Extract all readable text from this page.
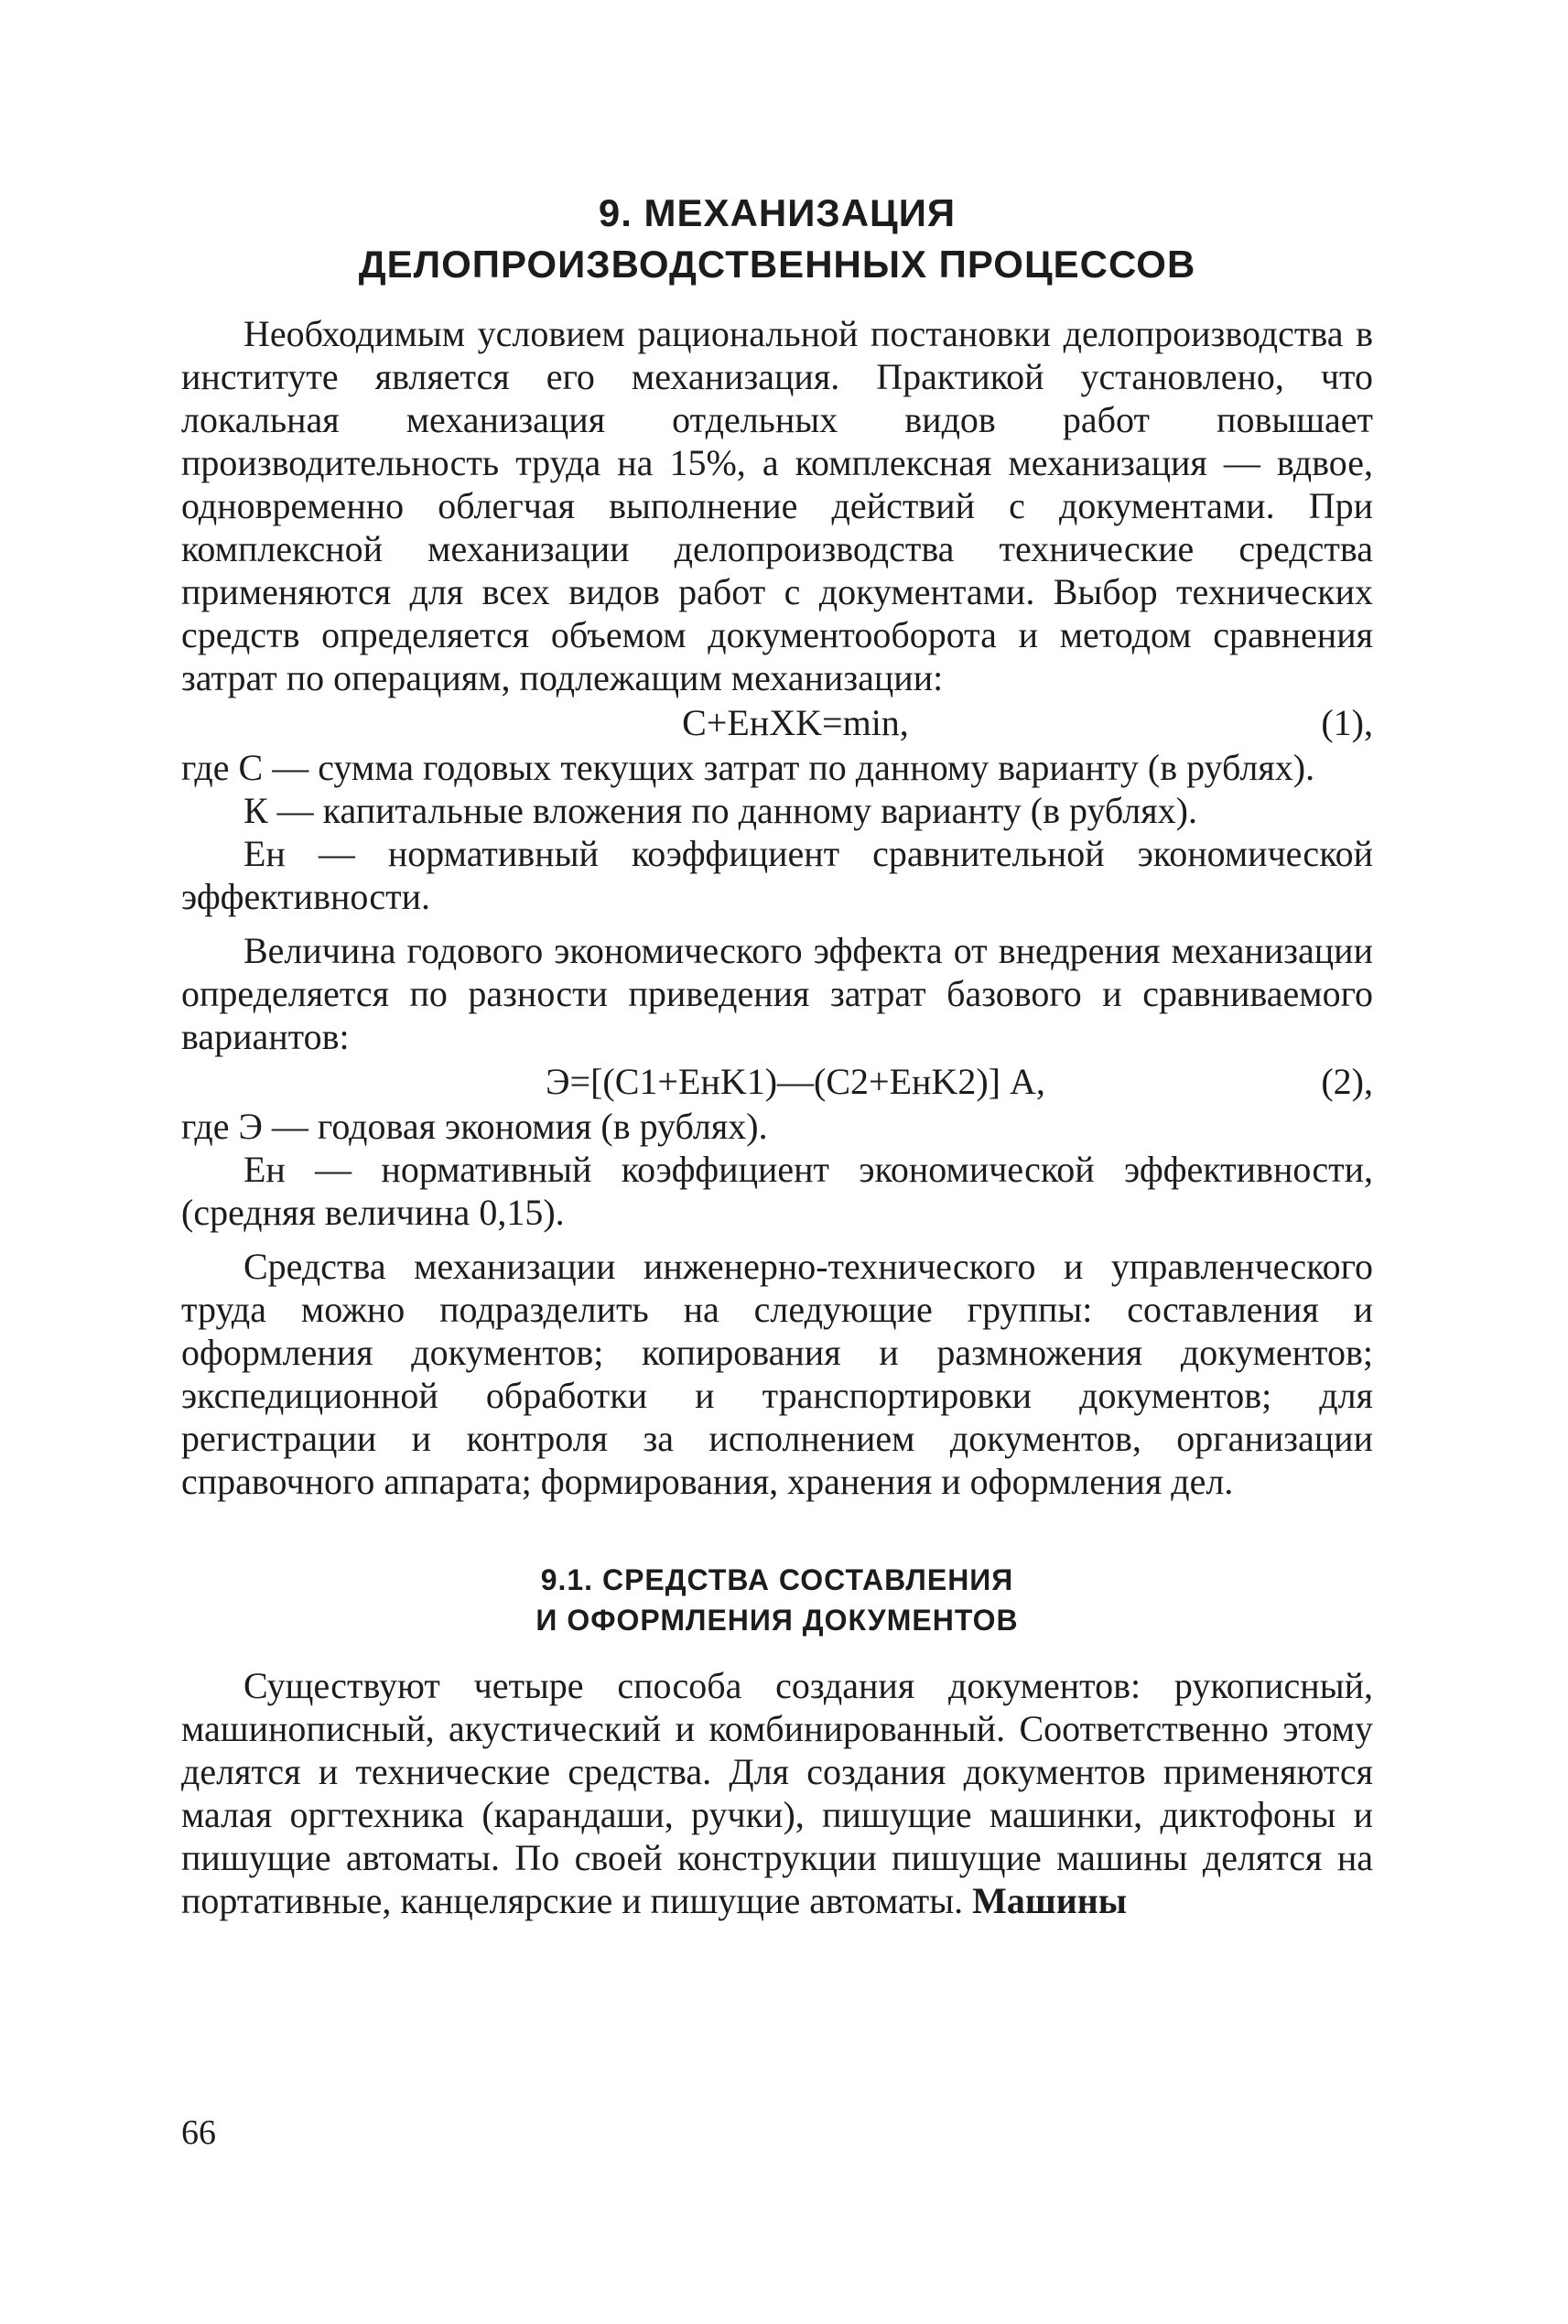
9. МЕХАНИЗАЦИЯ
ДЕЛОПРОИЗВОДСТВЕННЫХ ПРОЦЕССОВ

Необходимым условием рациональной постановки делопроизводства в институте является его механизация. Практикой установлено, что локальная механизация отдельных видов работ повышает производительность труда на 15%, а комплексная механизация — вдвое, одновременно облегчая выполнение действий с документами. При комплексной механизации делопроизводства технические средства применяются для всех видов работ с документами. Выбор технических средств определяется объемом документооборота и методом сравнения затрат по операциям, подлежащим механизации:

C+EнXK=min,	(1),

где С — сумма годовых текущих затрат по данному варианту (в рублях).

К — капитальные вложения по данному варианту (в рублях).

Ен — нормативный коэффициент сравнительной экономической эффективности.

Величина годового экономического эффекта от внедрения механизации определяется по разности приведения затрат базового и сравниваемого вариантов:

Э=[(C1+EнK1)—(C2+EнK2)] A,	(2),

где Э — годовая экономия (в рублях).

Ен — нормативный коэффициент экономической эффективности, (средняя величина 0,15).

Средства механизации инженерно-технического и управленческого труда можно подразделить на следующие группы: составления и оформления документов; копирования и размножения документов; экспедиционной обработки и транспортировки документов; для регистрации и контроля за исполнением документов, организации справочного аппарата; формирования, хранения и оформления дел.

9.1. СРЕДСТВА СОСТАВЛЕНИЯ
И ОФОРМЛЕНИЯ ДОКУМЕНТОВ

Существуют четыре способа создания документов: рукописный, машинописный, акустический и комбинированный. Соответственно этому делятся и технические средства. Для создания документов применяются малая оргтехника (карандаши, ручки), пишущие машинки, диктофоны и пишущие автоматы. По своей конструкции пишущие машины делятся на портативные, канцелярские и пишущие автоматы. Машины

66
